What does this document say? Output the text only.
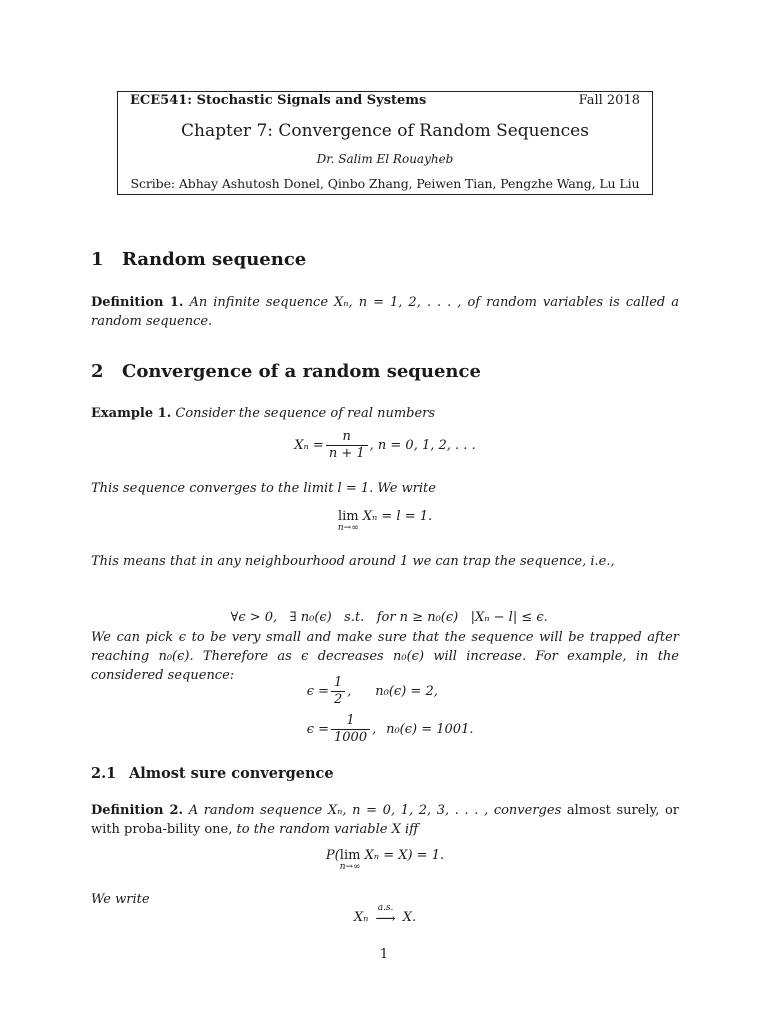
ECE541: Stochastic Signals and Systems	Fall 2018
Chapter 7: Convergence of Random Sequences
Dr. Salim El Rouayheb
Scribe: Abhay Ashutosh Donel, Qinbo Zhang, Peiwen Tian, Pengzhe Wang, Lu Liu
1 Random sequence
Definition 1. An infinite sequence Xₙ, n = 1, 2, . . . , of random variables is called a random sequence.
2 Convergence of a random sequence
Example 1. Consider the sequence of real numbers
$X_n = \frac{n}{n + 1}$ , n = 0, 1, 2, . . .
This sequence converges to the limit l = 1. We write
lim
n→∞
Xₙ = l = 1.
This means that in any neighbourhood around 1 we can trap the sequence, i.e.,

∀ϵ > 0,   ∃ n₀(ϵ)   s.t.   for n ≥ n₀(ϵ)   |Xₙ − l| ≤ ϵ.

We can pick ϵ to be very small and make sure that the sequence will be trapped after reaching n₀(ϵ). Therefore as ϵ decreases n₀(ϵ) will increase. For example, in the considered sequence:
$\epsilon = \frac{1}{2}$ ,	n₀(ϵ) = 2,
$\epsilon = \frac{1}{1000}$ , n₀(ϵ) = 1001.
2.1 Almost sure convergence
Definition 2. A random sequence Xₙ, n = 0, 1, 2, 3, . . . , converges almost surely, or with proba-bility one, to the random variable X iff
P( lim
n→∞
Xₙ = X) = 1.
We write
Xₙ
a.s.
⟶ X.
1
